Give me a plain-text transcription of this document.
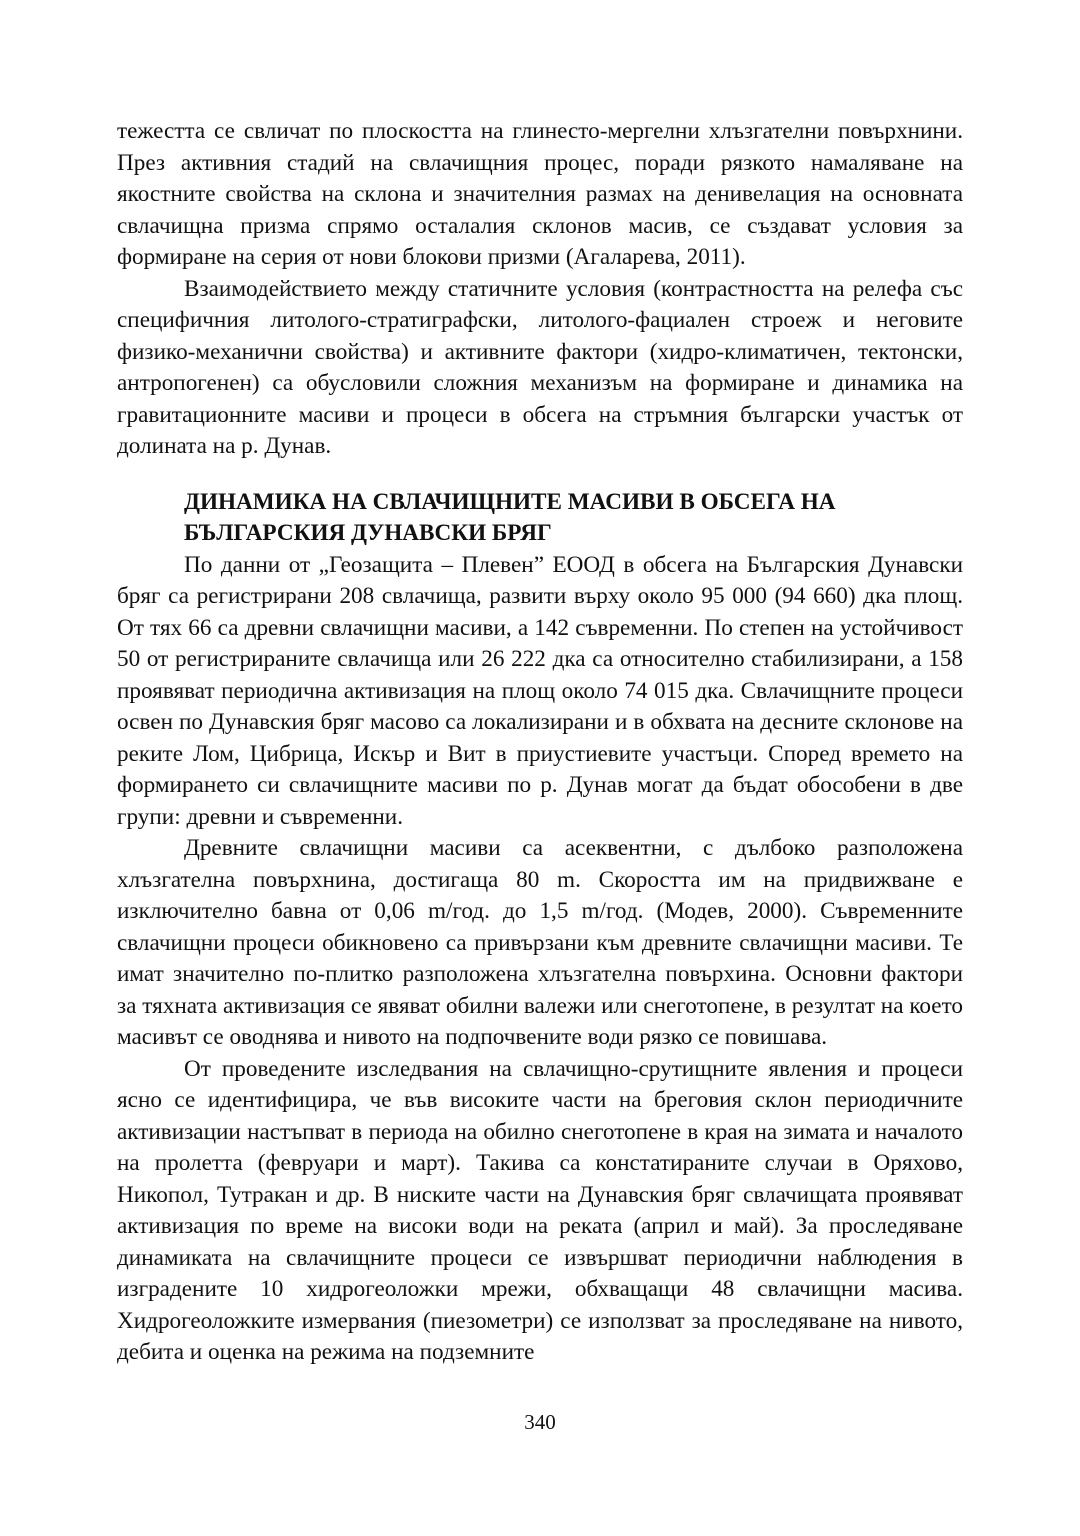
тежестта се свличат по плоскостта на глинесто-мергелни хлъзгателни повърхнини. През активния стадий на свлачищния процес, поради рязкото намаляване на якостните свойства на склона и значителния размах на денивелация на основната свлачищна призма спрямо осталалия склонов масив, се създават условия за формиране на серия от нови блокови призми (Агаларева, 2011).

Взаимодействието между статичните условия (контрастността на релефа със специфичния литолого-стратиграфски, литолого-фациален строеж и неговите физико-механични свойства) и активните фактори (хидро-климатичен, тектонски, антропогенен) са обусловили сложния механизъм на формиране и динамика на гравитационните масиви и процеси в обсега на стръмния български участък от долината на р. Дунав.

ДИНАМИКА НА СВЛАЧИЩНИТЕ МАСИВИ В ОБСЕГА НА БЪЛГАРСКИЯ ДУНАВСКИ БРЯГ

По данни от „Геозащита – Плевен” ЕООД в обсега на Българския Дунавски бряг са регистрирани 208 свлачища, развити върху около 95 000 (94 660) дка площ. От тях 66 са древни свлачищни масиви, а 142 съвременни. По степен на устойчивост 50 от регистрираните свлачища или 26 222 дка са относително стабилизирани, а 158 проявяват периодична активизация на площ около 74 015 дка. Свлачищните процеси освен по Дунавския бряг масово са локализирани и в обхвата на десните склонове на реките Лом, Цибрица, Искър и Вит в приустиевите участъци. Според времето на формирането си свлачищните масиви по р. Дунав могат да бъдат обособени в две групи: древни и съвременни.

Древните свлачищни масиви са асеквентни, с дълбоко разположена хлъзгателна повърхнина, достигаща 80 m. Скоростта им на придвижване е изключително бавна от 0,06 m/год. до 1,5 m/год. (Модев, 2000). Съвременните свлачищни процеси обикновено са привързани към древните свлачищни масиви. Те имат значително по-плитко разположена хлъзгателна повърхина. Основни фактори за тяхната активизация се явяват обилни валежи или снеготопене, в резултат на което масивът се оводнява и нивото на подпочвените води рязко се повишава.

От проведените изследвания на свлачищно-срутищните явления и процеси ясно се идентифицира, че във високите части на бреговия склон периодичните активизации настъпват в периода на обилно снеготопене в края на зимата и началото на пролетта (февруари и март). Такива са констатираните случаи в Оряхово, Никопол, Тутракан и др. В ниските части на Дунавския бряг свлачищата проявяват активизация по време на високи води на реката (април и май). За проследяване динамиката на свлачищните процеси се извършват периодични наблюдения в изградените 10 хидрогеоложки мрежи, обхващащи 48 свлачищни масива. Хидрогеоложките измервания (пиезометри) се използват за проследяване на нивото, дебита и оценка на режима на подземните

340
